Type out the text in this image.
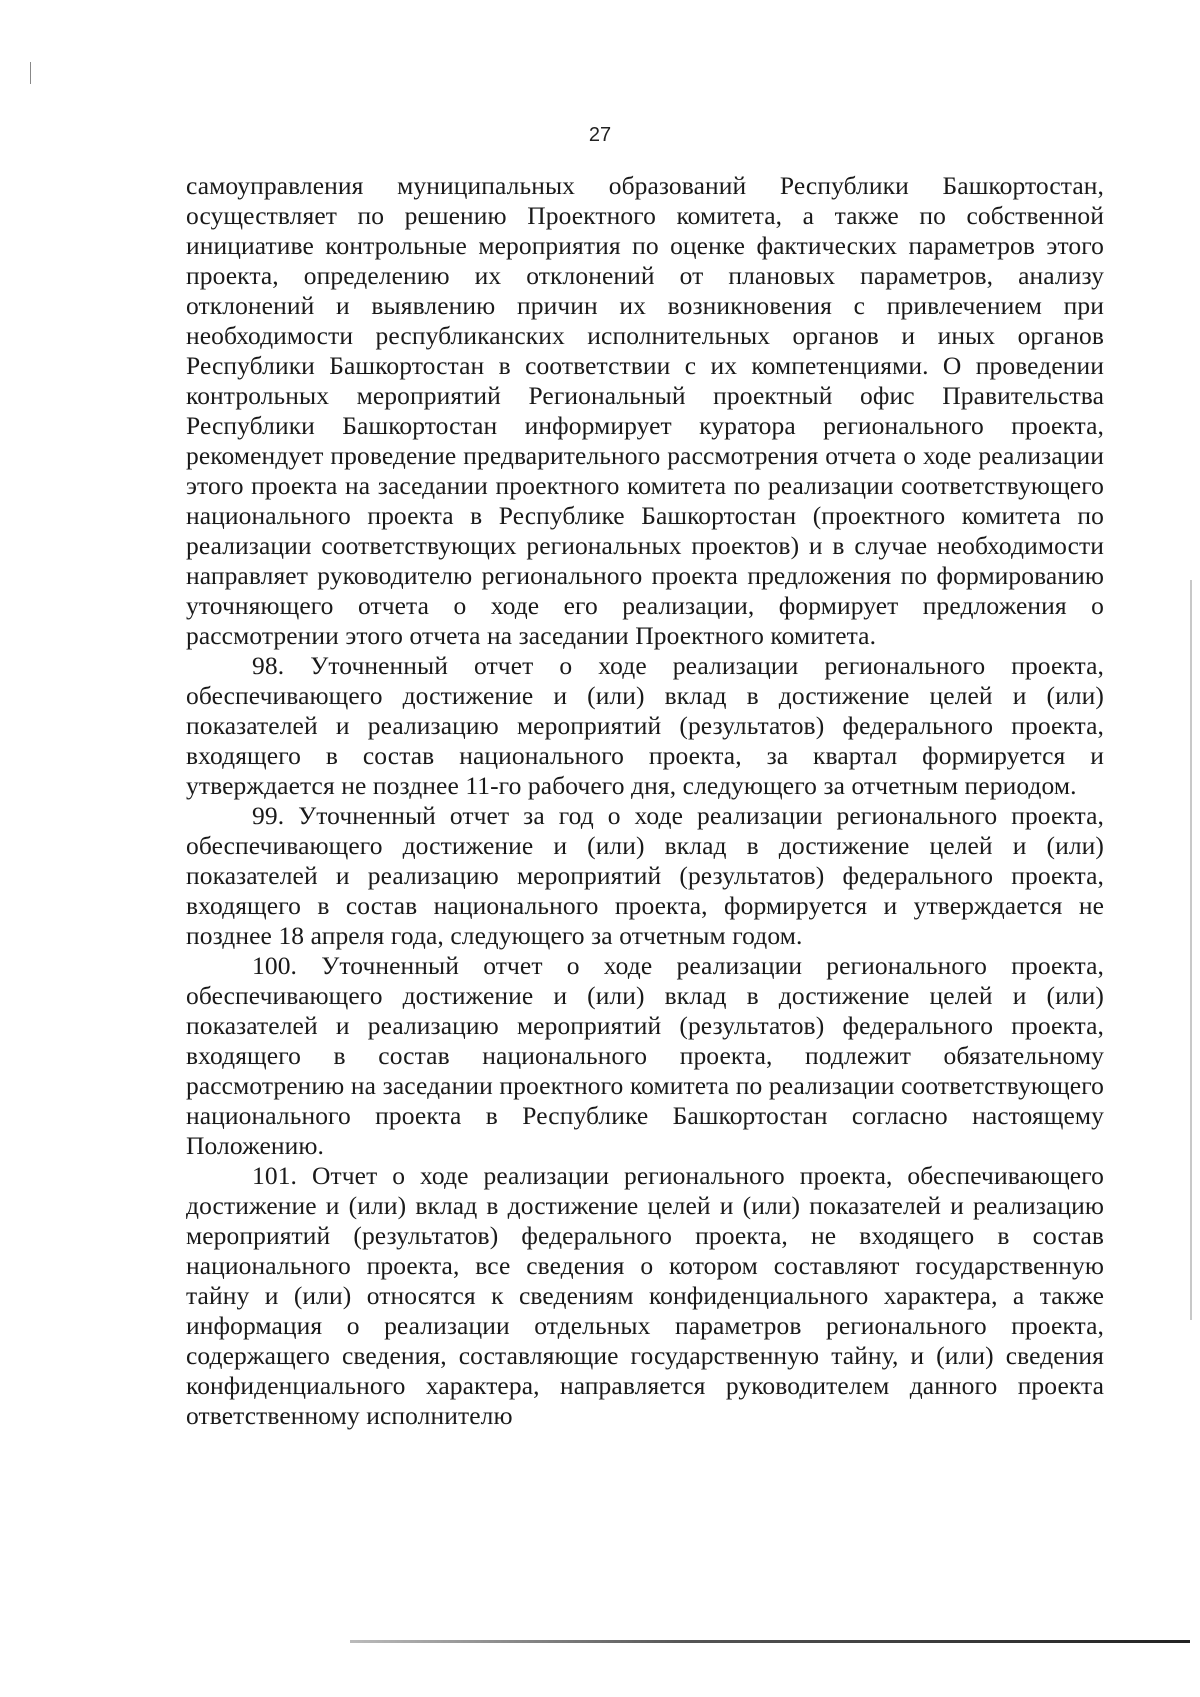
27

самоуправления муниципальных образований Республики Башкортостан, осуществляет по решению Проектного комитета, а также по собственной инициативе контрольные мероприятия по оценке фактических параметров этого проекта, определению их отклонений от плановых параметров, анализу отклонений и выявлению причин их возникновения с привлечением при необходимости республиканских исполнительных органов и иных органов Республики Башкортостан в соответствии с их компетенциями. О проведении контрольных мероприятий Региональный проектный офис Правительства Республики Башкортостан информирует куратора регионального проекта, рекомендует проведение предварительного рассмотрения отчета о ходе реализации этого проекта на заседании проектного комитета по реализации соответствующего национального проекта в Республике Башкортостан (проектного комитета по реализации соответствующих региональных проектов) и в случае необходимости направляет руководителю регионального проекта предложения по формированию уточняющего отчета о ходе его реализации, формирует предложения о рассмотрении этого отчета на заседании Проектного комитета.

98. Уточненный отчет о ходе реализации регионального проекта, обеспечивающего достижение и (или) вклад в достижение целей и (или) показателей и реализацию мероприятий (результатов) федерального проекта, входящего в состав национального проекта, за квартал формируется и утверждается не позднее 11-го рабочего дня, следующего за отчетным периодом.

99. Уточненный отчет за год о ходе реализации регионального проекта, обеспечивающего достижение и (или) вклад в достижение целей и (или) показателей и реализацию мероприятий (результатов) федерального проекта, входящего в состав национального проекта, формируется и утверждается не позднее 18 апреля года, следующего за отчетным годом.

100. Уточненный отчет о ходе реализации регионального проекта, обеспечивающего достижение и (или) вклад в достижение целей и (или) показателей и реализацию мероприятий (результатов) федерального проекта, входящего в состав национального проекта, подлежит обязательному рассмотрению на заседании проектного комитета по реализации соответствующего национального проекта в Республике Башкортостан согласно настоящему Положению.

101. Отчет о ходе реализации регионального проекта, обеспечивающего достижение и (или) вклад в достижение целей и (или) показателей и реализацию мероприятий (результатов) федерального проекта, не входящего в состав национального проекта, все сведения о котором составляют государственную тайну и (или) относятся к сведениям конфиденциального характера, а также информация о реализации отдельных параметров регионального проекта, содержащего сведения, составляющие государственную тайну, и (или) сведения конфиденциального характера, направляется руководителем данного проекта ответственному исполнителю
